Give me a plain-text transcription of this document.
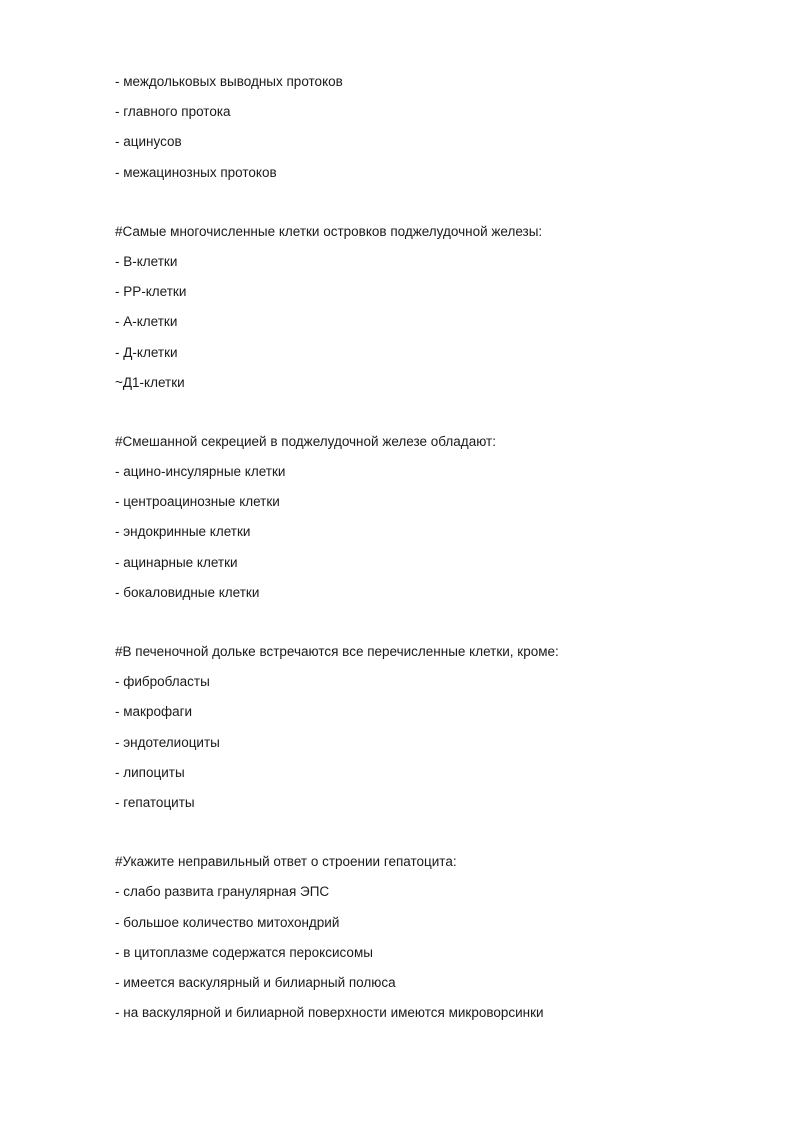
- междольковых выводных протоков
- главного протока
- ацинусов
- межацинозных протоков
#Самые многочисленные клетки островков поджелудочной железы:
- В-клетки
- РР-клетки
- А-клетки
- Д-клетки
~Д1-клетки
#Смешанной секрецией в поджелудочной железе обладают:
- ацино-инсулярные клетки
- центроацинозные клетки
- эндокринные клетки
- ацинарные клетки
- бокаловидные клетки
#В печеночной дольке встречаются все перечисленные клетки, кроме:
- фибробласты
- макрофаги
- эндотелиоциты
- липоциты
- гепатоциты
#Укажите неправильный ответ о строении гепатоцита:
- слабо развита гранулярная ЭПС
- большое количество митохондрий
- в цитоплазме содержатся пероксисомы
- имеется васкулярный и билиарный полюса
- на васкулярной и билиарной поверхности имеются микроворсинки
